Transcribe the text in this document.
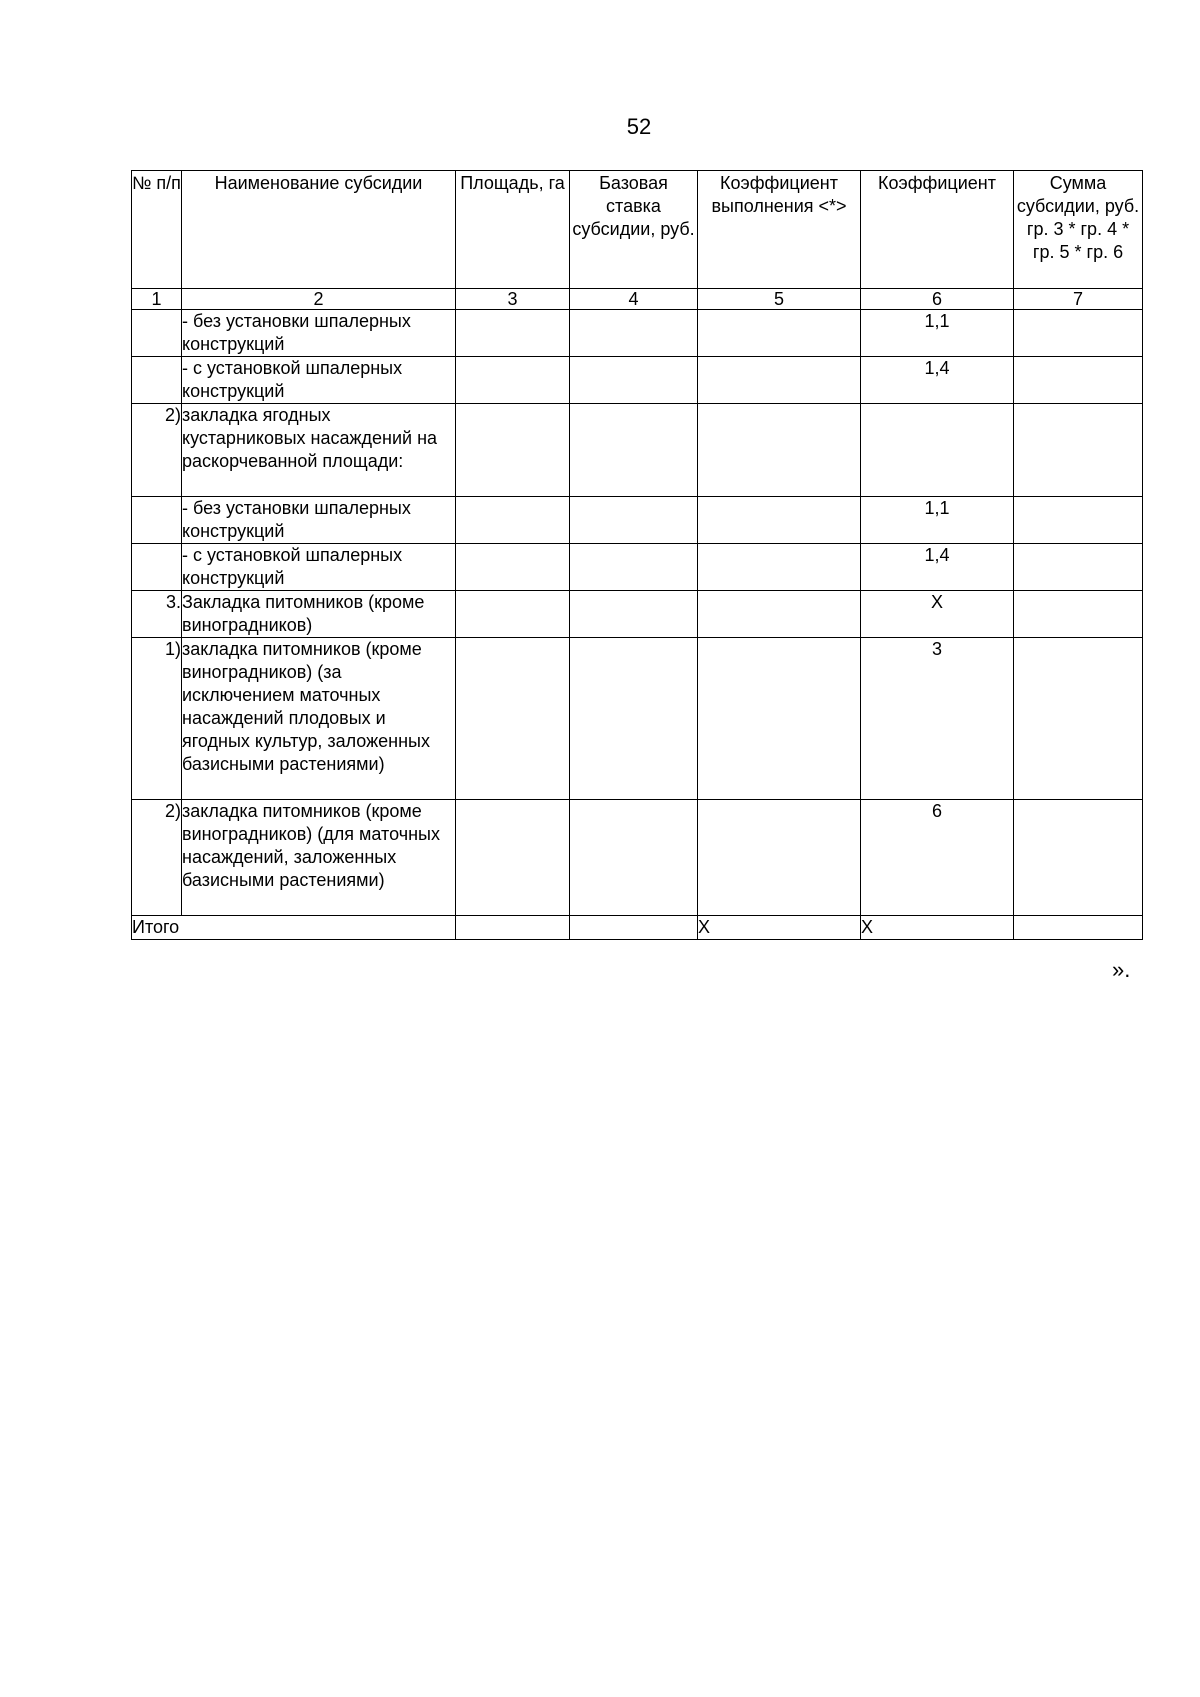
52
№ п/п	Наименование субсидии	Площадь, га	Базовая ставка субсидии, руб.	Коэффициент выполнения <*>	Коэффициент	Сумма субсидии, руб. гр. 3 * гр. 4 * гр. 5 * гр. 6
1	2	3	4	5	6	7
	- без установки шпалерных конструкций				1,1	
	- с установкой шпалерных конструкций				1,4	
2)	закладка ягодных кустарниковых насаждений на раскорчеванной площади:					
	- без установки шпалерных конструкций				1,1	
	- с установкой шпалерных конструкций				1,4	
3.	Закладка питомников (кроме виноградников)				X	
1)	закладка питомников (кроме виноградников) (за исключением маточных насаждений плодовых и ягодных культур, заложенных базисными растениями)				3	
2)	закладка питомников (кроме виноградников) (для маточных насаждений, заложенных базисными растениями)				6	
Итого				X	X	
».
